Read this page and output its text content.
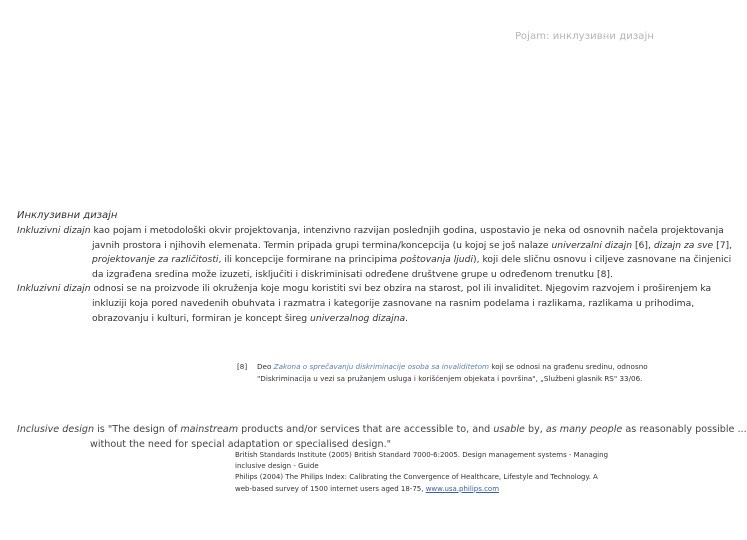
Pojam: инклузивни дизајн
Инклузивни дизајн
Inkluzivni dizajn kao pojam i metodološki okvir projektovanja, intenzivno razvijan poslednjih godina, uspostavio je neka od osnovnih načela projektovanja
javnih prostora i njihovih elemenata. Termin pripada grupi termina/koncepcija (u kojoj se još nalaze univerzalni dizajn [6], dizajn za sve [7],
projektovanje za različitosti, ili koncepcije formirane na principima poštovanja ljudi), koji dele sličnu osnovu i ciljeve zasnovane na činjenici
da izgrađena sredina može izuzeti, isključiti i diskriminisati određene društvene grupe u određenom trenutku [8].
Inkluzivni dizajn odnosi se na proizvode ili okruženja koje mogu koristiti svi bez obzira na starost, pol ili invaliditet. Njegovim razvojem i proširenjem ka
inkluziji koja pored navedenih obuhvata i razmatra i kategorije zasnovane na rasnim podelama i razlikama, razlikama u prihodima,
obrazovanju i kulturi, formiran je koncept šireg univerzalnog dizajna.
[8] Deo Zakona o sprečavanju diskriminacije osoba sa invaliditetom koji se odnosi na građenu sredinu, odnosno
"Diskriminacija u vezi sa pružanjem usluga i korišćenjem objekata i površina", „Službeni glasnik RS" 33/06.
Inclusive design is "The design of mainstream products and/or services that are accessible to, and usable by, as many people as reasonably possible ...
without the need for special adaptation or specialised design."
British Standards Institute (2005) British Standard 7000-6:2005. Design management systems - Managing
inclusive design - Guide
Philips (2004) The Philips Index: Calibrating the Convergence of Healthcare, Lifestyle and Technology. A
web-based survey of 1500 internet users aged 18-75, www.usa.philips.com
